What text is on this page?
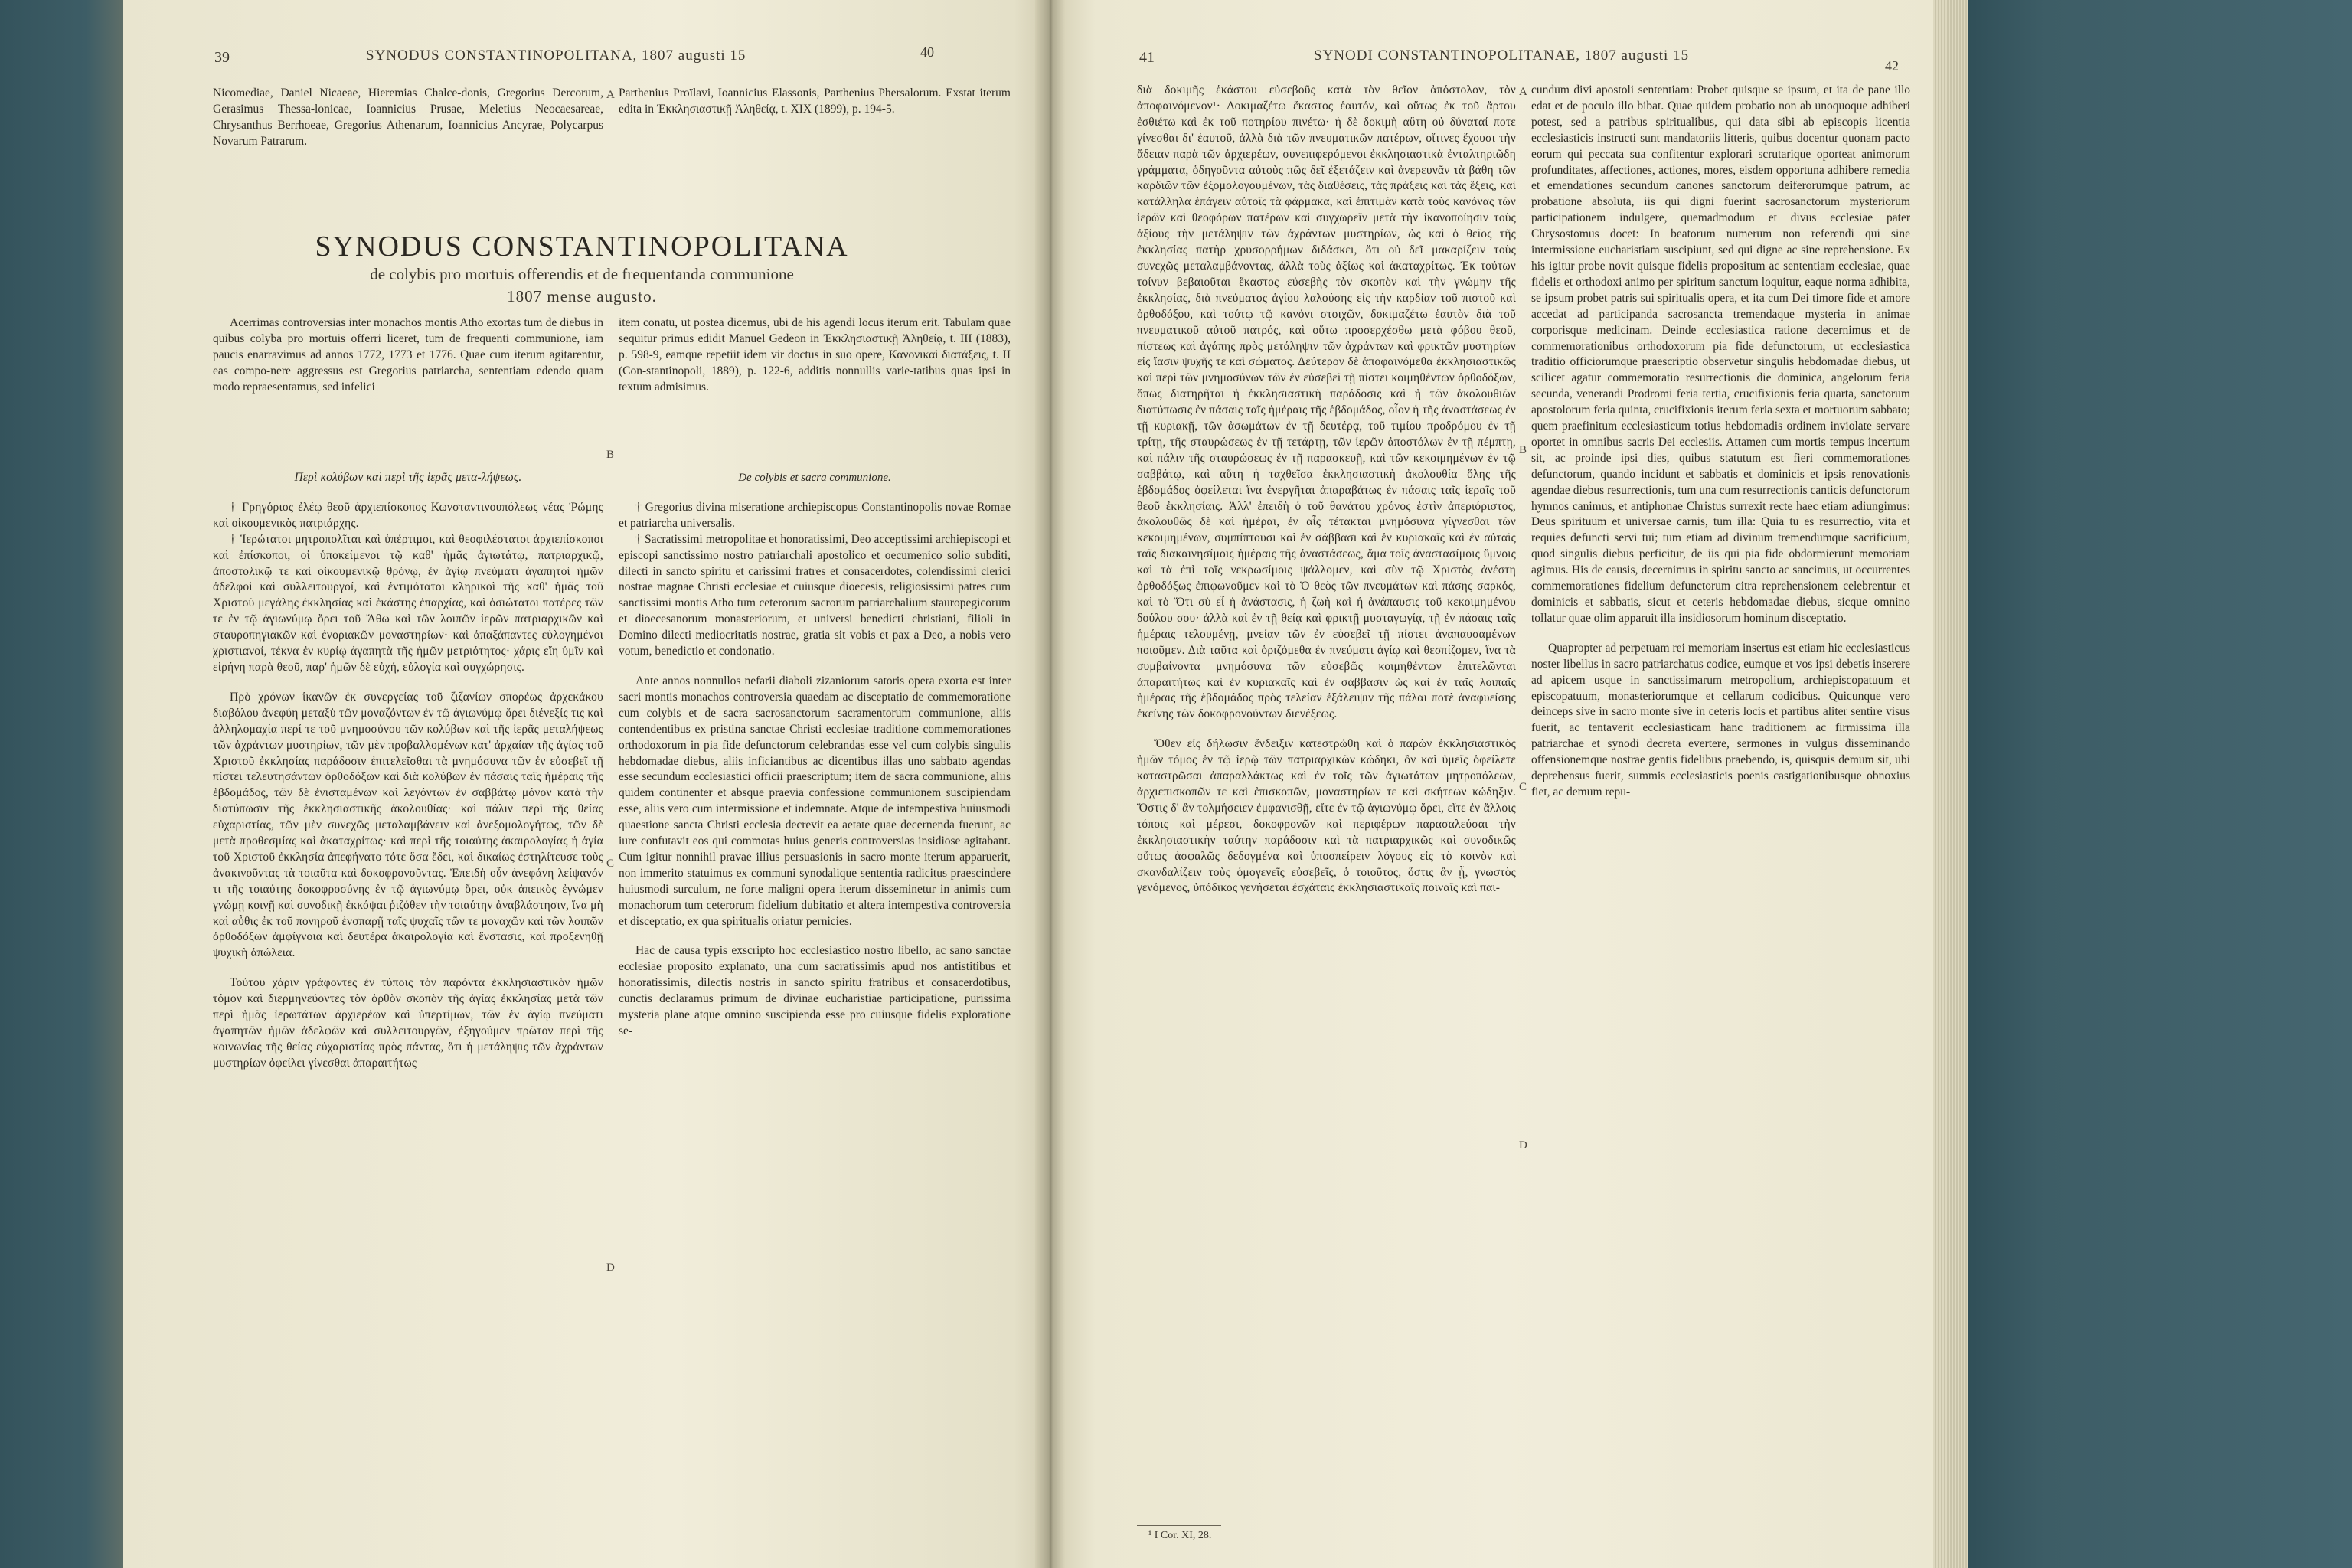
39	SYNODUS CONSTANTINOPOLITANA, 1807 augusti 15	40

Nicomediae, Daniel Nicaeae, Hieremias Chalce-donis, Gregorius Dercorum, Gerasimus Thessa-lonicae, Ioannicius Prusae, Meletius Neocaesareae, Chrysanthus Berrhoeae, Gregorius Athenarum, Ioannicius Ancyrae, Polycarpus Novarum Patrarum.

A Parthenius Proïlavi, Ioannicius Elassonis, Parthenius Phersalorum. Exstat iterum edita in Ἐκκλησιαστικῇ Ἀληθείᾳ, t. XIX (1899), p. 194-5.

SYNODUS CONSTANTINOPOLITANA
de colybis pro mortuis offerendis et de frequentanda communione
1807 mense augusto.

Acerrimas controversias inter monachos montis Atho exortas tum de diebus in quibus colyba pro mortuis offerri liceret, tum de frequenti communione, iam paucis enarravimus ad annos 1772, 1773 et 1776. Quae cum iterum agitarentur, eas compo-nere aggressus est Gregorius patriarcha, sententiam edendo quam modo repraesentamus, sed infelici

B

item conatu, ut postea dicemus, ubi de his agendi locus iterum erit. Tabulam quae sequitur primus edidit Manuel Gedeon in Ἐκκλησιαστικῇ Ἀληθείᾳ, t. III (1883), p. 598-9, eamque repetiit idem vir doctus in suo opere, Κανονικαὶ διατάξεις, t. II (Con-stantinopoli, 1889), p. 122-6, additis nonnullis varie-tatibus quas ipsi in textum admisimus.

Περὶ κολύβων καὶ περὶ τῆς ἱερᾶς μετα-λήψεως.

† Γρηγόριος ἐλέῳ θεοῦ ἀρχιεπίσκοπος Κωνσταντινουπόλεως νέας Ῥώμης καὶ οἰκουμενικὸς πατριάρχης.

† Ἱερώτατοι μητροπολῖται καὶ ὑπέρτιμοι, καὶ θεοφιλέστατοι ἀρχιεπίσκοποι καὶ ἐπίσκοποι, οἱ ὑποκείμενοι τῷ καθ' ἡμᾶς ἁγιωτάτῳ, πατριαρχικῷ, ἀποστολικῷ τε καὶ οἰκουμενικῷ θρόνῳ, ἐν ἁγίῳ πνεύματι ἀγαπητοὶ ἡμῶν ἀδελφοὶ καὶ συλλειτουργοί, καὶ ἐντιμότατοι κληρικοὶ τῆς καθ' ἡμᾶς τοῦ Χριστοῦ μεγάλης ἐκκλησίας καὶ ἑκάστης ἐπαρχίας, καὶ ὁσιώτατοι πατέρες τῶν τε ἐν τῷ ἁγιωνύμῳ ὄρει τοῦ Ἄθω καὶ τῶν λοιπῶν ἱερῶν πατριαρχικῶν καὶ σταυροπηγιακῶν καὶ ἐνοριακῶν μοναστηρίων· καὶ ἁπαξάπαντες εὐλογημένοι χριστιανοί, τέκνα ἐν κυρίῳ ἀγαπητὰ τῆς ἡμῶν μετριότητος· χάρις εἴη ὑμῖν καὶ εἰρήνη παρὰ θεοῦ, παρ' ἡμῶν δὲ εὐχή, εὐλογία καὶ συγχώρησις.

Πρὸ χρόνων ἱκανῶν ἐκ συνεργείας τοῦ ζιζανίων σπορέως ἀρχεκάκου διαβόλου ἀνεφύη μεταξὺ τῶν μοναζόντων ἐν τῷ ἁγιωνύμῳ ὄρει διένεξίς τις καὶ ἀλληλομαχία περί τε τοῦ μνημοσύνου τῶν κολύβων καὶ τῆς ἱερᾶς μεταλήψεως τῶν ἀχράντων μυστηρίων, τῶν μὲν προβαλλομένων κατ' ἀρχαίαν τῆς ἁγίας τοῦ Χριστοῦ ἐκκλησίας παράδοσιν ἐπιτελεῖσθαι τὰ μνημόσυνα τῶν ἐν εὐσεβεῖ τῇ πίστει τελευτησάντων ὀρθοδόξων καὶ διὰ κολύβων ἐν πάσαις ταῖς ἡμέραις τῆς ἑβδομάδος, τῶν δὲ ἐνισταμένων καὶ λεγόντων ἐν σαββάτῳ μόνον κατὰ τὴν διατύπωσιν τῆς ἐκκλησιαστικῆς ἀκολουθίας· καὶ πάλιν περὶ τῆς θείας εὐχαριστίας, τῶν μὲν συνεχῶς μεταλαμβάνειν καὶ ἀνεξομολογήτως, τῶν δὲ μετὰ προθεσμίας καὶ ἀκαταχρίτως· καὶ περὶ τῆς τοιαύτης ἀκαιρολογίας ἡ ἁγία τοῦ Χριστοῦ ἐκκλησία ἀπεφήνατο τότε ὅσα ἔδει, καὶ δικαίως ἐστηλίτευσε τοὺς ἀνακινοῦντας τὰ τοιαῦτα καὶ δοκοφρονοῦντας. Ἐπειδὴ οὖν ἀνεφάνη λείψανόν τι τῆς τοιαύτης δοκοφροσύνης ἐν τῷ ἁγιωνύμῳ ὄρει, οὐκ ἀπεικὸς ἐγνώμεν γνώμῃ κοινῇ καὶ συνοδικῇ ἐκκόψαι ῥιζόθεν τὴν τοιαύτην ἀναβλάστησιν, ἵνα μὴ καὶ αὖθις ἐκ τοῦ πονηροῦ ἐνσπαρῇ ταῖς ψυχαῖς τῶν τε μοναχῶν καὶ τῶν λοιπῶν ὀρθοδόξων ἀμφίγνοια καὶ δευτέρα ἀκαιρολογία καὶ ἔνστασις, καὶ προξενηθῇ ψυχικὴ ἀπώλεια.

Τούτου χάριν γράφοντες ἐν τύποις τὸν παρόντα ἐκκλησιαστικὸν ἡμῶν τόμον καὶ διερμηνεύοντες τὸν ὀρθὸν σκοπὸν τῆς ἁγίας ἐκκλησίας μετὰ τῶν περὶ ἡμᾶς ἱερωτάτων ἀρχιερέων καὶ ὑπερτίμων, τῶν ἐν ἁγίῳ πνεύματι ἀγαπητῶν ἡμῶν ἀδελφῶν καὶ συλλειτουργῶν, ἐξηγούμεν πρῶτον περὶ τῆς κοινωνίας τῆς θείας εὐχαριστίας πρὸς πάντας, ὅτι ἡ μετάληψις τῶν ἀχράντων μυστηρίων ὀφείλει γίνεσθαι ἀπαραιτήτως

C
D

De colybis et sacra communione.

† Gregorius divina miseratione archiepiscopus Constantinopolis novae Romae et patriarcha universalis.

† Sacratissimi metropolitae et honoratissimi, Deo acceptissimi archiepiscopi et episcopi sanctissimo nostro patriarchali apostolico et oecumenico solio subditi, dilecti in sancto spiritu et carissimi fratres et consacerdotes, colendissimi clerici nostrae magnae Christi ecclesiae et cuiusque dioecesis, religiosissimi patres cum sanctissimi montis Atho tum ceterorum sacrorum patriarchalium stauropegicorum et dioecesanorum monasteriorum, et universi benedicti christiani, filioli in Domino dilecti mediocritatis nostrae, gratia sit vobis et pax a Deo, a nobis vero votum, benedictio et condonatio.

Ante annos nonnullos nefarii diaboli zizaniorum satoris opera exorta est inter sacri montis monachos controversia quaedam ac disceptatio de commemoratione cum colybis et de sacra sacrosanctorum sacramentorum communione, aliis contendentibus ex pristina sanctae Christi ecclesiae traditione commemorationes orthodoxorum in pia fide defunctorum celebrandas esse vel cum colybis singulis hebdomadae diebus, aliis inficiantibus ac dicentibus illas uno sabbato agendas esse secundum ecclesiastici officii praescriptum; item de sacra communione, aliis quidem continenter et absque praevia confessione communionem suscipiendam esse, aliis vero cum intermissione et indemnate. Atque de intempestiva huiusmodi quaestione sancta Christi ecclesia decrevit ea aetate quae decernenda fuerunt, ac iure confutavit eos qui commotas huius generis controversias insidiose agitabant. Cum igitur nonnihil pravae illius persuasionis in sacro monte iterum apparuerit, non immerito statuimus ex communi synodalique sententia radicitus praescindere huiusmodi surculum, ne forte maligni opera iterum disseminetur in animis cum monachorum tum ceterorum fidelium dubitatio et altera intempestiva controversia et disceptatio, ex qua spiritualis oriatur pernicies.

Hac de causa typis exscripto hoc ecclesiastico nostro libello, ac sano sanctae ecclesiae proposito explanato, una cum sacratissimis apud nos antistitibus et honoratissimis, dilectis nostris in sancto spiritu fratribus et consacerdotibus, cunctis declaramus primum de divinae eucharistiae participatione, purissima mysteria plane atque omnino suscipienda esse pro cuiusque fidelis exploratione se-

41	SYNODI CONSTANTINOPOLITANAE, 1807 augusti 15
42

διὰ δοκιμῆς ἑκάστου εὐσεβοῦς κατὰ τὸν θεῖον ἀπόστολον, τὸν ἀποφαινόμενον¹· Δοκιμαζέτω ἕκαστος ἑαυτόν, καὶ οὕτως ἐκ τοῦ ἄρτου ἐσθιέτω καὶ ἐκ τοῦ ποτηρίου πινέτω· ἡ δὲ δοκιμὴ αὕτη οὐ δύναταί ποτε γίνεσθαι δι' ἑαυτοῦ, ἀλλὰ διὰ τῶν πνευματικῶν πατέρων, οἵτινες ἔχουσι τὴν ἄδειαν παρὰ τῶν ἀρχιερέων, συνεπιφερόμενοι ἐκκλησιαστικὰ ἐνταλτηριῶδη γράμματα, ὁδηγοῦντα αὐτοὺς πῶς δεῖ ἐξετάζειν καὶ ἀνερευνᾶν τὰ βάθη τῶν καρδιῶν τῶν ἐξομολογουμένων, τὰς διαθέσεις, τὰς πράξεις καὶ τὰς ἕξεις, καὶ κατάλληλα ἐπάγειν αὐτοῖς τὰ φάρμακα, καὶ ἐπιτιμᾶν κατὰ τοὺς κανόνας τῶν ἱερῶν καὶ θεοφόρων πατέρων καὶ συγχωρεῖν μετὰ τὴν ἱκανοποίησιν τοὺς ἀξίους τὴν μετάληψιν τῶν ἀχράντων μυστηρίων, ὡς καὶ ὁ θεῖος τῆς ἐκκλησίας πατὴρ χρυσορρήμων διδάσκει, ὅτι οὐ δεῖ μακαρίζειν τοὺς συνεχῶς μεταλαμβάνοντας, ἀλλὰ τοὺς ἀξίως καὶ ἀκαταχρίτως. Ἐκ τούτων τοίνυν βεβαιοῦται ἕκαστος εὐσεβὴς τὸν σκοπὸν καὶ τὴν γνώμην τῆς ἐκκλησίας, διὰ πνεύματος ἁγίου λαλούσης εἰς τὴν καρδίαν τοῦ πιστοῦ καὶ ὀρθοδόξου, καὶ τούτῳ τῷ κανόνι στοιχῶν, δοκιμαζέτω ἑαυτὸν διὰ τοῦ πνευματικοῦ αὐτοῦ πατρός, καὶ οὕτω προσερχέσθω μετὰ φόβου θεοῦ, πίστεως καὶ ἀγάπης πρὸς μετάληψιν τῶν ἀχράντων καὶ φρικτῶν μυστηρίων εἰς ἴασιν ψυχῆς τε καὶ σώματος. Δεύτερον δὲ ἀποφαινόμεθα ἐκκλησιαστικῶς καὶ περὶ τῶν μνημοσύνων τῶν ἐν εὐσεβεῖ τῇ πίστει κοιμηθέντων ὀρθοδόξων, ὅπως διατηρῆται ἡ ἐκκλησιαστικὴ παράδοσις καὶ ἡ τῶν ἀκολουθιῶν διατύπωσις ἐν πάσαις ταῖς ἡμέραις τῆς ἑβδομάδος, οἷον ἡ τῆς ἀναστάσεως ἐν τῇ κυριακῇ, τῶν ἀσωμάτων ἐν τῇ δευτέρᾳ, τοῦ τιμίου προδρόμου ἐν τῇ τρίτῃ, τῆς σταυρώσεως ἐν τῇ τετάρτῃ, τῶν ἱερῶν ἀποστόλων ἐν τῇ πέμπτῃ, καὶ πάλιν τῆς σταυρώσεως ἐν τῇ παρασκευῇ, καὶ τῶν κεκοιμημένων ἐν τῷ σαββάτῳ, καὶ αὕτη ἡ ταχθεῖσα ἐκκλησιαστικὴ ἀκολουθία ὅλης τῆς ἑβδομάδος ὀφείλεται ἵνα ἐνεργῆται ἀπαραβάτως ἐν πάσαις ταῖς ἱεραῖς τοῦ θεοῦ ἐκκλησίαις. Ἀλλ' ἐπειδὴ ὁ τοῦ θανάτου χρόνος ἐστὶν ἀπεριόριστος, ἀκολουθῶς δὲ καὶ ἡμέραι, ἐν αἷς τέτακται μνημόσυνα γίγνεσθαι τῶν κεκοιμημένων, συμπίπτουσι καὶ ἐν σάββασι καὶ ἐν κυριακαῖς καὶ ἐν αὐταῖς ταῖς διακαινησίμοις ἡμέραις τῆς ἀναστάσεως, ἅμα τοῖς ἀναστασίμοις ὕμνοις καὶ τὰ ἐπὶ τοῖς νεκρωσίμοις ψάλλομεν, καὶ σὺν τῷ Χριστὸς ἀνέστη ὀρθοδόξως ἐπιφωνοῦμεν καὶ τὸ Ὁ θεὸς τῶν πνευμάτων καὶ πάσης σαρκός, καὶ τὸ Ὅτι σὺ εἶ ἡ ἀνάστασις, ἡ ζωὴ καὶ ἡ ἀνάπαυσις τοῦ κεκοιμημένου δούλου σου· ἀλλὰ καὶ ἐν τῇ θείᾳ καὶ φρικτῇ μυσταγωγίᾳ, τῇ ἐν πάσαις ταῖς ἡμέραις τελουμένῃ, μνείαν τῶν ἐν εὐσεβεῖ τῇ πίστει ἀναπαυσαμένων ποιοῦμεν. Διὰ ταῦτα καὶ ὁριζόμεθα ἐν πνεύματι ἁγίῳ καὶ θεσπίζομεν, ἵνα τὰ συμβαίνοντα μνημόσυνα τῶν εὐσεβῶς κοιμηθέντων ἐπιτελῶνται ἀπαραιτήτως καὶ ἐν κυριακαῖς καὶ ἐν σάββασιν ὡς καὶ ἐν ταῖς λοιπαῖς ἡμέραις τῆς ἑβδομάδος πρὸς τελείαν ἐξάλειψιν τῆς πάλαι ποτὲ ἀναφυείσης ἐκείνης τῶν δοκοφρονούντων διενέξεως.

Ὅθεν εἰς δήλωσιν ἔνδειξιν κατεστρώθη καὶ ὁ παρὼν ἐκκλησιαστικὸς ἡμῶν τόμος ἐν τῷ ἱερῷ τῶν πατριαρχικῶν κώδηκι, ὃν καὶ ὑμεῖς ὀφείλετε καταστρῶσαι ἀπαραλλάκτως καὶ ἐν τοῖς τῶν ἁγιωτάτων μητροπόλεων, ἀρχιεπισκοπῶν τε καὶ ἐπισκοπῶν, μοναστηρίων τε καὶ σκήτεων κώδηξιν. Ὅστις δ' ἂν τολμήσειεν ἐμφανισθῇ, εἴτε ἐν τῷ ἁγιωνύμῳ ὄρει, εἴτε ἐν ἄλλοις τόποις καὶ μέρεσι, δοκοφρονῶν καὶ περιφέρων παρασαλεύσαι τὴν ἐκκλησιαστικὴν ταύτην παράδοσιν καὶ τὰ πατριαρχικῶς καὶ συνοδικῶς οὕτως ἀσφαλῶς δεδογμένα καὶ ὑποσπείρειν λόγους εἰς τὸ κοινὸν καὶ σκανδαλίζειν τοὺς ὁμογενεῖς εὐσεβεῖς, ὁ τοιοῦτος, ὅστις ἂν ᾖ, γνωστὸς γενόμενος, ὑπόδικος γενήσεται ἐσχάταις ἐκκλησιαστικαῖς ποιναῖς καὶ παι-

A
B
C
D

cundum divi apostoli sententiam: Probet quisque se ipsum, et ita de pane illo edat et de poculo illo bibat. Quae quidem probatio non ab unoquoque adhiberi potest, sed a patribus spiritualibus, qui data sibi ab episcopis licentia ecclesiasticis instructi sunt mandatoriis litteris, quibus docentur quonam pacto eorum qui peccata sua confitentur explorari scrutarique oporteat animorum profunditates, affectiones, actiones, mores, eisdem opportuna adhibere remedia et emendationes secundum canones sanctorum deiferorumque patrum, ac probatione absoluta, iis qui digni fuerint sacrosanctorum mysteriorum participationem indulgere, quemadmodum et divus ecclesiae pater Chrysostomus docet: In beatorum numerum non referendi qui sine intermissione eucharistiam suscipiunt, sed qui digne ac sine reprehensione. Ex his igitur probe novit quisque fidelis propositum ac sententiam ecclesiae, quae fidelis et orthodoxi animo per spiritum sanctum loquitur, eaque norma adhibita, se ipsum probet patris sui spiritualis opera, et ita cum Dei timore fide et amore accedat ad participanda sacrosancta tremendaque mysteria in animae corporisque medicinam. Deinde ecclesiastica ratione decernimus et de commemorationibus orthodoxorum pia fide defunctorum, ut ecclesiastica traditio officiorumque praescriptio observetur singulis hebdomadae diebus, ut scilicet agatur commemoratio resurrectionis die dominica, angelorum feria secunda, venerandi Prodromi feria tertia, crucifixionis feria quarta, sanctorum apostolorum feria quinta, crucifixionis iterum feria sexta et mortuorum sabbato; quem praefinitum ecclesiasticum totius hebdomadis ordinem inviolate servare oportet in omnibus sacris Dei ecclesiis. Attamen cum mortis tempus incertum sit, ac proinde ipsi dies, quibus statutum est fieri commemorationes defunctorum, quando incidunt et sabbatis et dominicis et ipsis renovationis agendae diebus resurrectionis, tum una cum resurrectionis canticis defunctorum hymnos canimus, et antiphonae Christus surrexit recte haec etiam adiungimus: Deus spirituum et universae carnis, tum illa: Quia tu es resurrectio, vita et requies defuncti servi tui; tum etiam ad divinum tremendumque sacrificium, quod singulis diebus perficitur, de iis qui pia fide obdormierunt memoriam agimus. His de causis, decernimus in spiritu sancto ac sancimus, ut occurrentes commemorationes fidelium defunctorum citra reprehensionem celebrentur et dominicis et sabbatis, sicut et ceteris hebdomadae diebus, sicque omnino tollatur quae olim apparuit illa insidiosorum hominum disceptatio.

Quapropter ad perpetuam rei memoriam insertus est etiam hic ecclesiasticus noster libellus in sacro patriarchatus codice, eumque et vos ipsi debetis inserere ad apicem usque in sanctissimarum metropolium, archiepiscopatuum et episcopatuum, monasteriorumque et cellarum codicibus. Quicunque vero deinceps sive in sacro monte sive in ceteris locis et partibus aliter sentire visus fuerit, ac tentaverit ecclesiasticam hanc traditionem ac firmissima illa patriarchae et synodi decreta evertere, sermones in vulgus disseminando offensionemque nostrae gentis fidelibus praebendo, is, quisquis demum sit, ubi deprehensus fuerit, summis ecclesiasticis poenis castigationibusque obnoxius fiet, ac demum repu-

¹ I Cor. XI, 28.
